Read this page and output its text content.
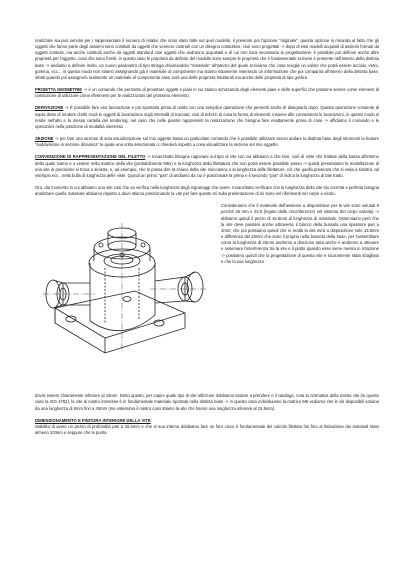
realizzate sia può servirsi per i rappresentare il numero di relativi che sono stato fatte sul quel modello, il presente poi l'opzione "originale", questa opzione si rimanda al fatto che gli oggetti che fanno parte degli assiemi sono costituiti da oggetti che vennero costruiti con un disegno costruttivo, cioè sono progettati -> dopo di essi modelli acquisiti di assiemi formati da oggetti costruiti, ma anche costituiti anche da oggetti standard cioè oggetti che andranno acquistati e di cui non sarà necessario la progettazione; è possibile poi definire anche altre proprietà per l'oggetto, cosa che sono forniti, in questo caso le proprietà da definire del modello sono sempre le proprietà che è fondamentale scrivere è presente nell'interno della distinta base -> andiamo a definire invito, un nuovo parametro di tipo stringa chiamandolo "materiale" all'interno del quale scriviamo che cosa sceglie un valore che potrà essere acciaio, vetro, gomma, ecc... in questo modo non stiamo assegnando già il materiale al componente ma stiamo solamente inserendo un informazione che poi comparirà all'interno della distinta base, infatti quando poi assegnerò realmente un materiale al componente esso avrà una delle proprietà strutturali ma anche delle proprietà di tipo grafico.

PROIETTA GEOMETRIE -> è un comando che permette di proiettare oggetti e piani in cui stiamo schizzando degli elementi piani e delle superfici che possono servire come elementi di costruzione di utilizzare come riferimenti per le realizzazioni del prossimo elemento.

DERIVAZIONE -> È possibile fare una lavorazione e poi spostarla prima di unirla con una semplice operazione che permetti anche di disegnarlo dopo. Questa operazione consente di sopra detto di rendere d'altri modi le oggetti di lavorazione sugli intervalli di tracciati, cosi di schizzi di cosa la forma di elementi, insieme alle connessioni le lavorazioni, in questo modo si rende nell'alto e la stessa cartella del rendering, nel caso che nelle piastre rappresenti la realizzazione che bisogna fare esattamente prima di cosa -> affidiamo il comando e le operazioni nella posizione di modalità interessa

SEZIONE -> per fare una sezione di sola visualizzazione sul mio oggetto basta un particolare comando che è possibile utilizzare senza andare la distinta base degli strumenti la feature "suddivisione in sezione dinamica" la quale una volta selezionata ci chiederà rispetto a cosa visualizzare la sezione sul mio oggetto.

CONVENZIONE DI RAPPRESENTAZIONE DEL FILETTO -> Innanzitutto bisogna ragionare sul tipo di vite con cui abbiamo a che fare, cioè di viste che trattate della bassa all'interno della quale siamo e a vedere nella matrice della vite (probabilmente M6x) e la lunghezza della filettatura che non potrà essere possibile posso -> quindi presentiamo la modellazione di una vite di precisione si trova a sinistra, e, ad esempio, che lo possa dire la chiave della vite meccanica o la lunghezza delle filettature, ciò che quella presenza che si veda a sinistra, ad esempio ecc.. nella bulla di lunghezza delle viste. Quindi un primo "pas" di andiamo da cui è posizionate la prima e il secondo "pas" di indica la lunghezza di tale tratto.

Ora, dal momento in cui abbiamo una vite cosi che va verifica nella lunghezza degli ingranaggi che avere. Innanzitutto verificare che la lunghezza della vite sia corretta e perfetta bisogna analizzare quella materiale abbiamo rispetto a dove stiamo posizionando la vite per fare questo mi sulla presentazione di mi sono nel riferimenti nel corpo a vicolo.

Consideriamo che il materiale dell'assieme a disposizione per la vite sono valutati 8 perché 45 mm e 24.5 (legato dalle circonferenze) nel sistema del corpo valvola) -> abbiamo quindi il pezzo di 15.5mm di lunghezza di materiale. Osserviamo però che la vite deve passare anche attraverso il blocco della bussola una spessore pari a 4mm; che poi possiamo quindi che in realtà la vite avrà a disposizione solo 15.5mm e differenza del 25mm che sono il proprio nella bussola della base, per l'assemblare come la lunghezza di 25mm andremo a direzione tutta anche e andremo a ottenere e osservare l'interferenza tra la vite e il piatto quando esse viene messa in rotazione -> possiamo quindi che la progettazione di questa vite è sicuramente stata sbagliata e che la sua lunghezza

dovrà essere chiaramente inferiore al 15mm. Detto questo, per capire quale tipo di vite utilizzare dobbiamo andare a prendere e il catalogo, nota la normativa della nostra vite (in questo caso la ISO 4762), la vite di nostro interesse è in fondamentale materiale riportata nella distinta base -> in questo caso individuiamo la matrice M6 vediamo che le viti disponibili variano da una lunghezza di 8mm fino a 40mm (ma volessimo il nostro caso stiamo la vite che hanno una lunghezza inferiore al 15.5mm).

DIMENSIONAMENTO E FINITURA INTERIORE DELLA VITE

Stabilito di avere un pezzo di profondità pari a 15.5mm e che si sua interna dobbiamo fare un foro cieco è fondamentale del calcolo filettata fori fino al limitazione dei materiali stato almeno 2/3mm e seppure che la punta
